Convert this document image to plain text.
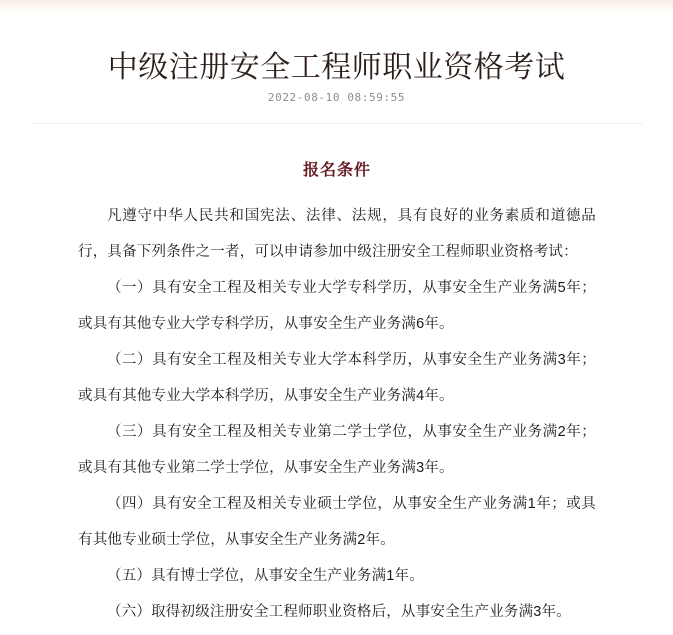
中级注册安全工程师职业资格考试
2022-08-10 08:59:55
报名条件

凡遵守中华人民共和国宪法、法律、法规，具有良好的业务素质和道德品行，具备下列条件之一者，可以申请参加中级注册安全工程师职业资格考试：

（一）具有安全工程及相关专业大学专科学历，从事安全生产业务满5年；或具有其他专业大学专科学历，从事安全生产业务满6年。

（二）具有安全工程及相关专业大学本科学历，从事安全生产业务满3年；或具有其他专业大学本科学历，从事安全生产业务满4年。

（三）具有安全工程及相关专业第二学士学位，从事安全生产业务满2年；或具有其他专业第二学士学位，从事安全生产业务满3年。

（四）具有安全工程及相关专业硕士学位，从事安全生产业务满1年；或具有其他专业硕士学位，从事安全生产业务满2年。

（五）具有博士学位，从事安全生产业务满1年。

（六）取得初级注册安全工程师职业资格后，从事安全生产业务满3年。
